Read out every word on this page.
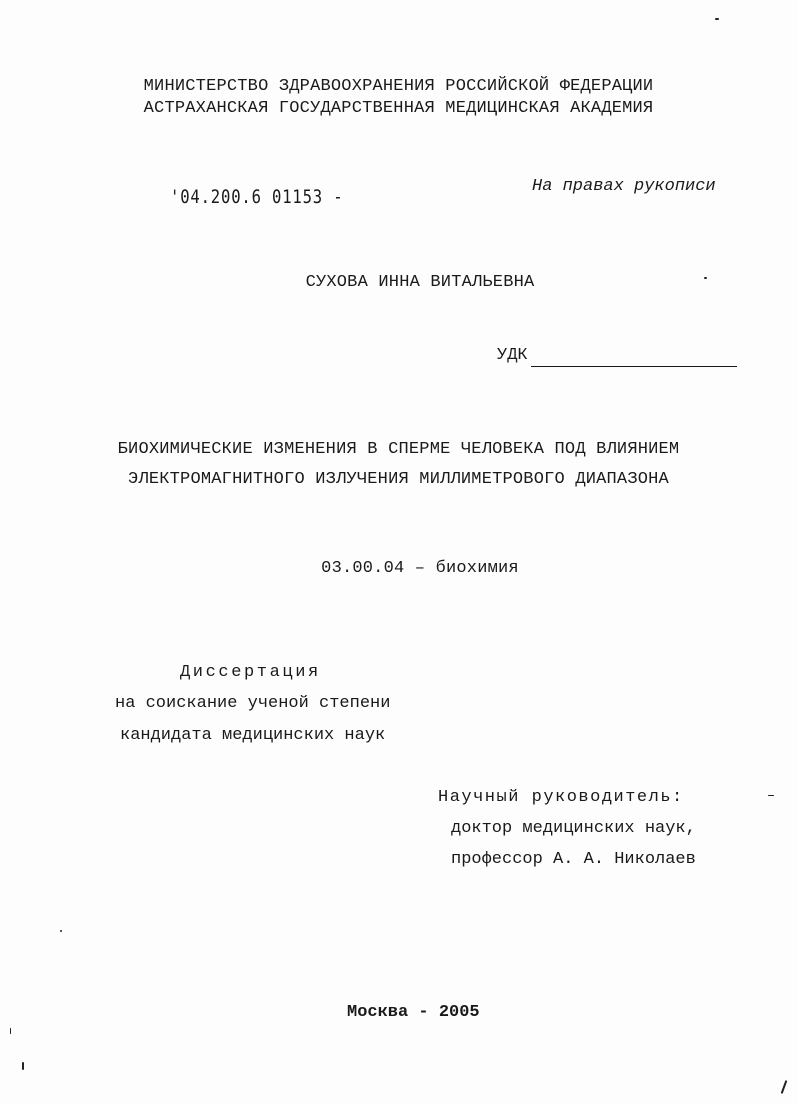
МИНИСТЕРСТВО ЗДРАВООХРАНЕНИЯ РОССИЙСКОЙ ФЕДЕРАЦИИ
АСТРАХАНСКАЯ ГОСУДАРСТВЕННАЯ МЕДИЦИНСКАЯ АКАДЕМИЯ
'04.200.6 01153 -	На правах рукописи
СУХОВА ИННА ВИТАЛЬЕВНА
УДК
БИОХИМИЧЕСКИЕ ИЗМЕНЕНИЯ В СПЕРМЕ ЧЕЛОВЕКА ПОД ВЛИЯНИЕМ
ЭЛЕКТРОМАГНИТНОГО ИЗЛУЧЕНИЯ МИЛЛИМЕТРОВОГО ДИАПАЗОНА
03.00.04 – биохимия
Диссертация
на соискание ученой степени
кандидата медицинских наук
Научный руководитель:
доктор медицинских наук,
профессор А. А. Николаев
Москва - 2005
